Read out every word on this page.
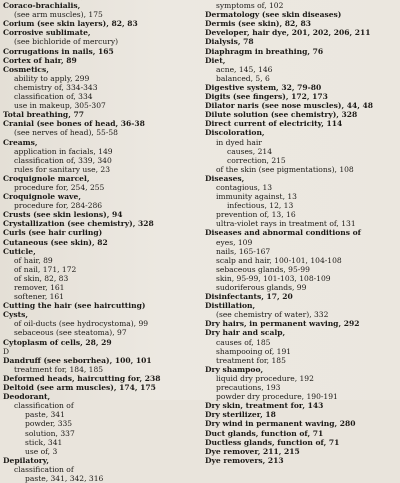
Coraco-brachialis,
(see arm muscles), 175
Corium (see skin layers), 82, 83
Corrosive sublimate,
(see bichloride of mercury)
Corrugations in nails, 165
Cortex of hair, 89
Cosmetics,
ability to apply, 299
chemistry of, 334-343
classification of, 334
use in makeup, 305-307
Total breathing, 77
Cranial (see bones of head, 36-38
(see nerves of head), 55-58
Creams,
application in facials, 149
classification of, 339, 340
rules for sanitary use, 23
Croquignole marcel,
procedure for, 254, 255
Croquignole wave,
procedure for, 284-286
Crusts (see skin lesions), 94
Crystallization (see chemistry), 328
Curls (see hair curling)
Cutaneous (see skin), 82
Cuticle,
of hair, 89
of nail, 171, 172
of skin, 82, 83
remover, 161
softener, 161
Cutting the hair (see haircutting)
Cysts,
of oil-ducts (see hydrocystoma), 99
sebaceous (see steatoma), 97
Cytoplasm of cells, 28, 29
D
Dandruff (see seborrhea), 100, 101
treatment for, 184, 185
Deformed heads, haircutting for, 238
Deltoid (see arm muscles), 174, 175
Deodorant,
classification of
paste, 341
powder, 335
solution, 337
stick, 341
use of, 3
Depilatory,
classification of
paste, 341, 342, 316
symptoms of, 102
Dermatology (see skin diseases)
Dermis (see skin), 82, 83
Developer, hair dye, 201, 202, 206, 211
Dialysis, 78
Diaphragm in breathing, 76
Diet,
acne, 145, 146
balanced, 5, 6
Digestive system, 32, 79-80
Digits (see fingers), 172, 173
Dilator naris (see nose muscles), 44, 48
Dilute solution (see chemistry), 328
Direct current of electricity, 114
Discoloration,
in dyed hair
causes, 214
correction, 215
of the skin (see pigmentations), 108
Diseases,
contagious, 13
immunity against, 13
infectious, 12, 13
prevention of, 13, 16
ultra-violet rays in treatment of, 131
Diseases and abnormal conditions of
eyes, 109
nails, 165-167
scalp and hair, 100-101, 104-108
sebaceous glands, 95-99
skin, 95-99, 101-103, 108-109
sudoriferous glands, 99
Disinfectants, 17, 20
Distillation,
(see chemistry of water), 332
Dry hairs, in permanent waving, 292
Dry hair and scalp,
causes of, 185
shampooing of, 191
treatment for, 185
Dry shampoo,
liquid dry procedure, 192
precautions, 193
powder dry procedure, 190-191
Dry skin, treatment for, 143
Dry sterilizer, 18
Dry wind in permanent waving, 280
Duct glands, function of, 71
Ductless glands, function of, 71
Dye remover, 211, 215
Dye removers, 213
